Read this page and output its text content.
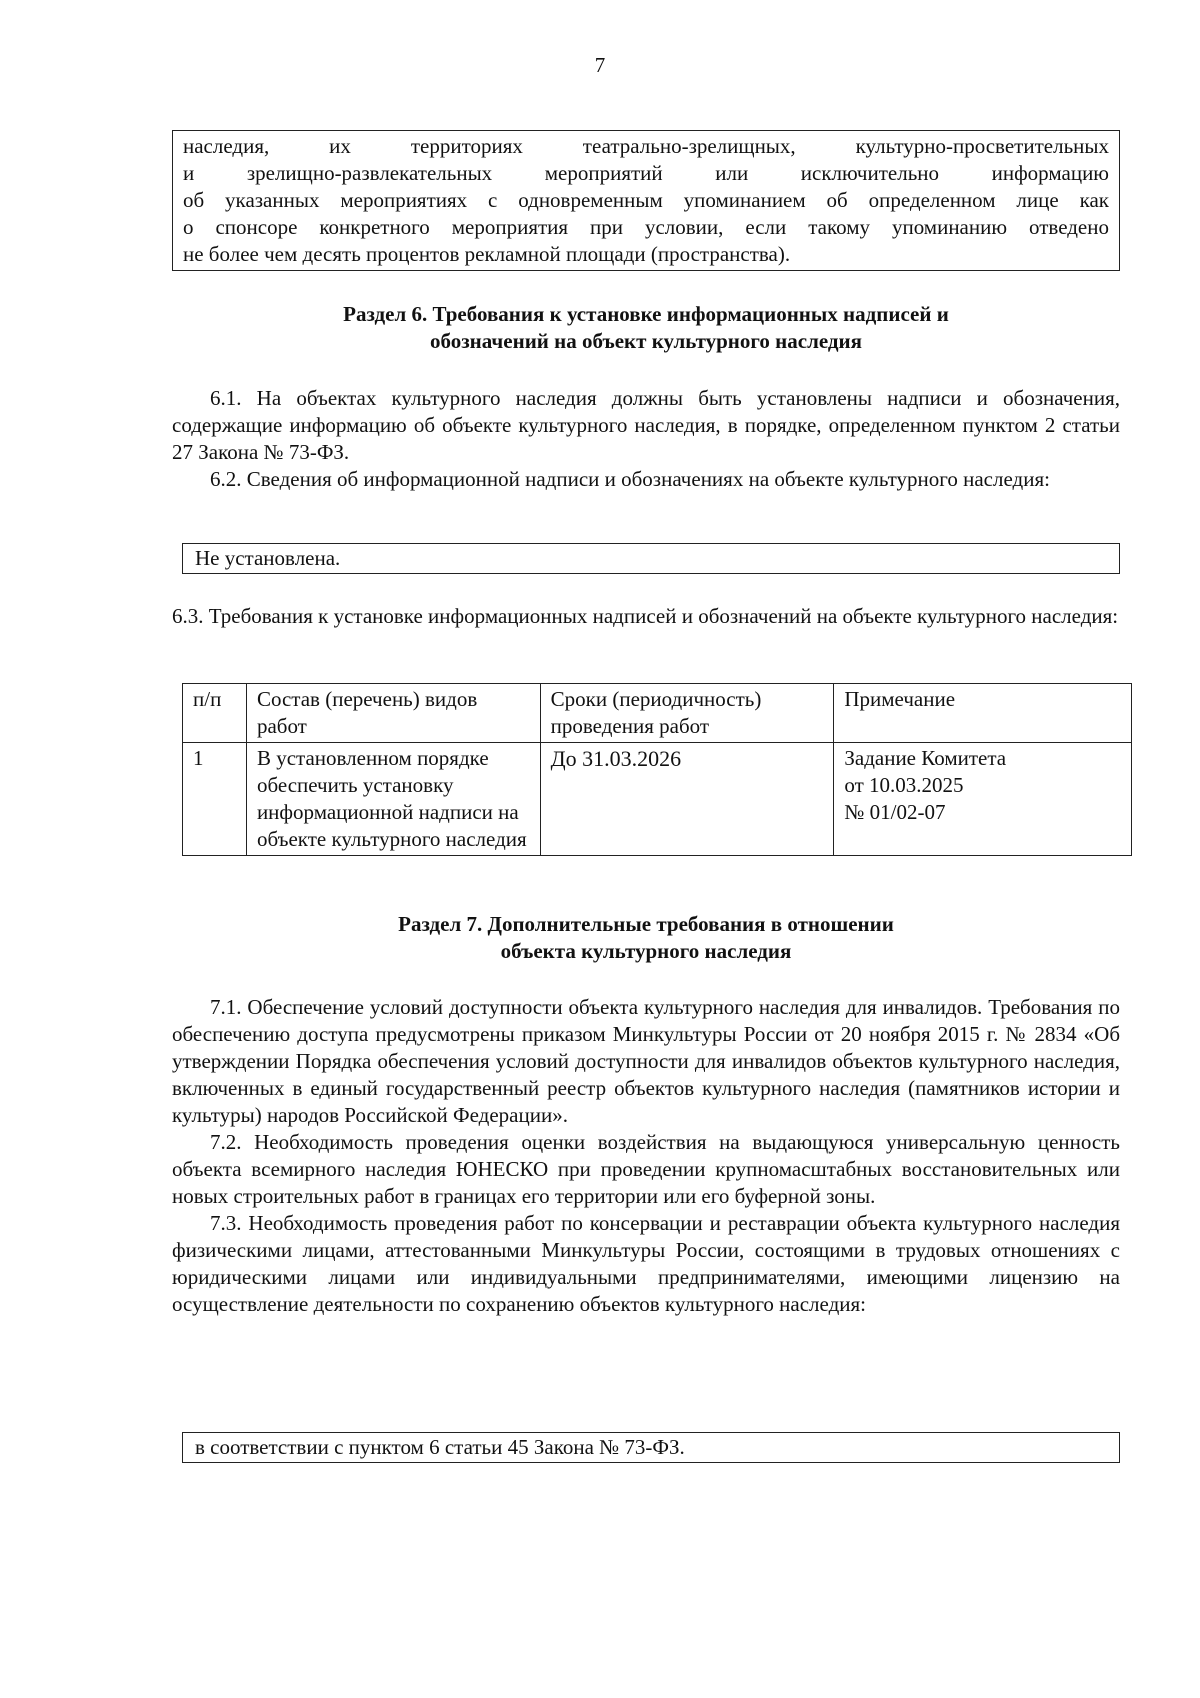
7

наследия, их территориях театрально-зрелищных, культурно-просветительных

и зрелищно-развлекательных мероприятий или исключительно информацию

об указанных мероприятиях с одновременным упоминанием об определенном лице как

о спонсоре конкретного мероприятия при условии, если такому упоминанию отведено

не более чем десять процентов рекламной площади (пространства).

Раздел 6. Требования к установке информационных надписей и
обозначений на объект культурного наследия

6.1. На объектах культурного наследия должны быть установлены надписи и обозначения, содержащие информацию об объекте культурного наследия, в порядке, определенном пунктом 2 статьи 27 Закона № 73-ФЗ.

6.2. Сведения об информационной надписи и обозначениях на объекте культурного наследия:

Не установлена.

6.3. Требования к установке информационных надписей и обозначений на объекте культурного наследия:

п/п	Состав (перечень) видов работ	Сроки (периодичность) проведения работ	Примечание
1	В установленном порядке обеспечить установку информационной надписи на объекте культурного наследия	До 31.03.2026	Задание Комитета
от 10.03.2025
№ 01/02-07
Раздел 7. Дополнительные требования в отношении
объекта культурного наследия

7.1. Обеспечение условий доступности объекта культурного наследия для инвалидов. Требования по обеспечению доступа предусмотрены приказом Минкультуры России от 20 ноября 2015 г. № 2834 «Об утверждении Порядка обеспечения условий доступности для инвалидов объектов культурного наследия, включенных в единый государственный реестр объектов культурного наследия (памятников истории и культуры) народов Российской Федерации».

7.2. Необходимость проведения оценки воздействия на выдающуюся универсальную ценность объекта всемирного наследия ЮНЕСКО при проведении крупномасштабных восстановительных или новых строительных работ в границах его территории или его буферной зоны.

7.3. Необходимость проведения работ по консервации и реставрации объекта культурного наследия физическими лицами, аттестованными Минкультуры России, состоящими в трудовых отношениях с юридическими лицами или индивидуальными предпринимателями, имеющими лицензию на осуществление деятельности по сохранению объектов культурного наследия:

в соответствии с пунктом 6 статьи 45 Закона № 73-ФЗ.
